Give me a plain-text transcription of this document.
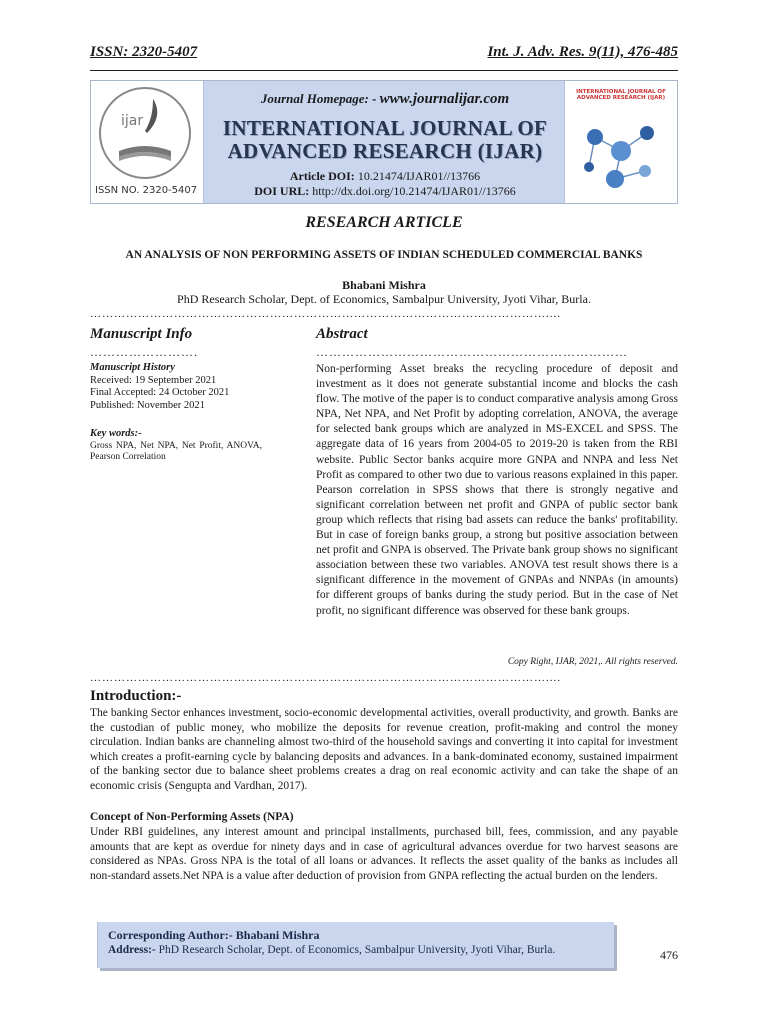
ISSN: 2320-5407	Int. J. Adv. Res. 9(11), 476-485
ijar
ISSN NO. 2320-5407
Journal Homepage: - www.journalijar.com
INTERNATIONAL JOURNAL OF
ADVANCED RESEARCH (IJAR)
Article DOI: 10.21474/IJAR01//13766
DOI URL: http://dx.doi.org/10.21474/IJAR01//13766
INTERNATIONAL JOURNAL OF ADVANCED RESEARCH (IJAR)
RESEARCH ARTICLE
AN ANALYSIS OF NON PERFORMING ASSETS OF INDIAN SCHEDULED COMMERCIAL BANKS
Bhabani Mishra
PhD Research Scholar, Dept. of Economics, Sambalpur University, Jyoti Vihar, Burla.
……………………………………………………………………………………………………....
Manuscript Info
…………………….
Manuscript History
Received: 19 September 2021
Final Accepted: 24 October 2021
Published: November 2021
Key words:-
Gross NPA, Net NPA, Net Profit, ANOVA, Pearson Correlation
Abstract
………………………………………………………………
Non-performing Asset breaks the recycling procedure of deposit and investment as it does not generate substantial income and blocks the cash flow. The motive of the paper is to conduct comparative analysis among Gross NPA, Net NPA, and Net Profit by adopting correlation, ANOVA, the average for selected bank groups which are analyzed in MS-EXCEL and SPSS. The aggregate data of 16 years from 2004-05 to 2019-20 is taken from the RBI website. Public Sector banks acquire more GNPA and NNPA and less Net Profit as compared to other two due to various reasons explained in this paper. Pearson correlation in SPSS shows that there is strongly negative and significant correlation between net profit and GNPA of public sector bank group which reflects that rising bad assets can reduce the banks' profitability. But in case of foreign banks group, a strong but positive association between net profit and GNPA is observed. The Private bank group shows no significant association between these two variables. ANOVA test result shows there is a significant difference in the movement of GNPAs and NNPAs (in amounts) for different groups of banks during the study period. But in the case of Net profit, no significant difference was observed for these bank groups.
Copy Right, IJAR, 2021,. All rights reserved.
……………………………………………………………………………………………………....
Introduction:-
The banking Sector enhances investment, socio-economic developmental activities, overall productivity, and growth. Banks are the custodian of public money, who mobilize the deposits for revenue creation, profit-making and control the money circulation. Indian banks are channeling almost two-third of the household savings and converting it into capital for investment which creates a profit-earning cycle by balancing deposits and advances. In a bank-dominated economy, sustained impairment of the banking sector due to balance sheet problems creates a drag on real economic activity and can take the shape of an economic crisis (Sengupta and Vardhan, 2017).
Concept of Non-Performing Assets (NPA)
Under RBI guidelines, any interest amount and principal installments, purchased bill, fees, commission, and any payable amounts that are kept as overdue for ninety days and in case of agricultural advances overdue for two harvest seasons are considered as NPAs. Gross NPA is the total of all loans or advances. It reflects the asset quality of the banks as includes all non-standard assets.Net NPA is a value after deduction of provision from GNPA reflecting the actual burden on the lenders.
Corresponding Author:- Bhabani Mishra
Address:- PhD Research Scholar, Dept. of Economics, Sambalpur University, Jyoti Vihar, Burla.	476
